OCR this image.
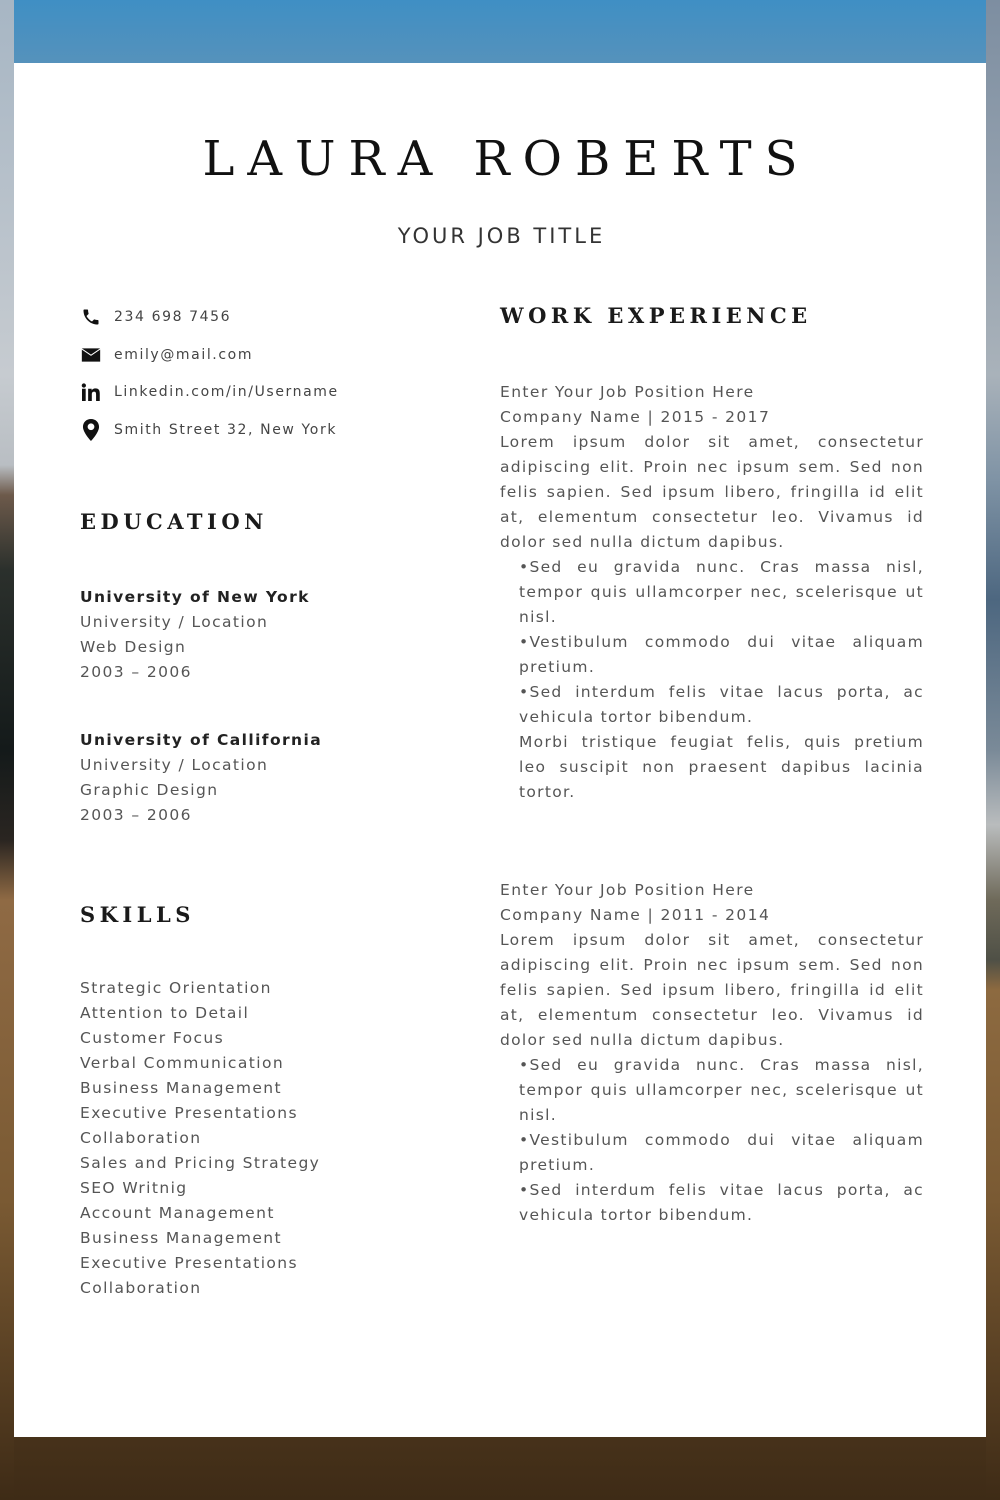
LAURA ROBERTS
YOUR JOB TITLE
234 698 7456
emily@mail.com
Linkedin.com/in/Username
Smith Street 32, New York
EDUCATION
University of New York
University / Location
Web Design
2003 – 2006
University of Callifornia
University / Location
Graphic Design
2003 – 2006
SKILLS
Strategic Orientation
Attention to Detail
Customer Focus
Verbal Communication
Business Management
Executive Presentations
Collaboration
Sales and Pricing Strategy
SEO Writnig
Account Management
Business Management
Executive Presentations
Collaboration
WORK EXPERIENCE
Enter Your Job Position Here
Company Name | 2015 - 2017

Lorem ipsum dolor sit amet, consectetur adipiscing elit. Proin nec ipsum sem. Sed non felis sapien. Sed ipsum libero, fringilla id elit at, elementum consectetur leo. Vivamus id dolor sed nulla dictum dapibus.

•Sed eu gravida nunc. Cras massa nisl, tempor quis ullamcorper nec, scelerisque ut nisl.

•Vestibulum commodo dui vitae aliquam pretium.

•Sed interdum felis vitae lacus porta, ac vehicula tortor bibendum.

Morbi tristique feugiat felis, quis pretium leo suscipit non praesent dapibus lacinia tortor.

Enter Your Job Position Here
Company Name | 2011 - 2014

Lorem ipsum dolor sit amet, consectetur adipiscing elit. Proin nec ipsum sem. Sed non felis sapien. Sed ipsum libero, fringilla id elit at, elementum consectetur leo. Vivamus id dolor sed nulla dictum dapibus.

•Sed eu gravida nunc. Cras massa nisl, tempor quis ullamcorper nec, scelerisque ut nisl.

•Vestibulum commodo dui vitae aliquam pretium.

•Sed interdum felis vitae lacus porta, ac vehicula tortor bibendum.
